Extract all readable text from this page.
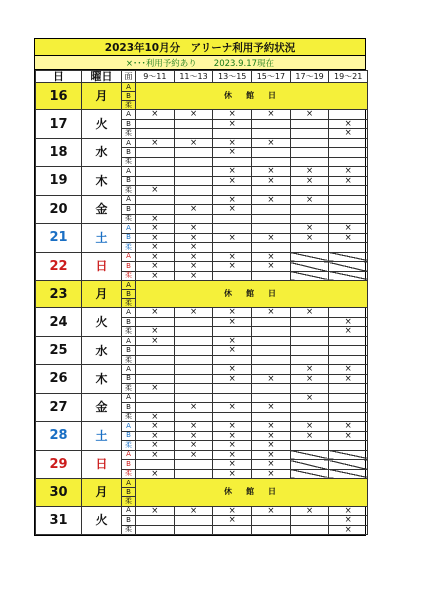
2023年10月分　アリーナ利用予約状況
×･･･利用予約あり　　2023.9.17現在
日	曜日	面	9～11	11～13	13～15	15～17	17～19	19～21
16	月	A	休　館　日					
		B						
		柔						
17	火	A	×	×	×	×	×	
		B			×			×
		柔						×
18	水	A	×	×	×	×		
		B			×			
		柔						
19	木	A			×	×	×	×
		B			×	×	×	×
		柔	×					
20	金	A			×	×	×	
		B		×	×			
		柔	×					
21	土	A	×	×			×	×
		B	×	×	×	×	×	×
		柔	×	×				
22	日	A	×	×	×	×		
		B	×	×	×	×		
		柔	×	×				
23	月	A	休　館　日					
		B						
		柔						
24	火	A	×	×	×	×	×	
		B			×			×
		柔	×					×
25	水	A	×		×			
		B			×			
		柔						
26	木	A			×		×	×
		B			×	×	×	×
		柔	×					
27	金	A					×	
		B		×	×	×		
		柔	×					
28	土	A	×	×	×	×	×	×
		B	×	×	×	×	×	×
		柔	×	×	×	×		
29	日	A	×	×	×	×		
		B			×	×		
		柔	×		×	×		
30	月	A	休　館　日					
		B						
		柔						
31	火	A	×	×	×	×	×	×
		B			×			×
		柔						×
